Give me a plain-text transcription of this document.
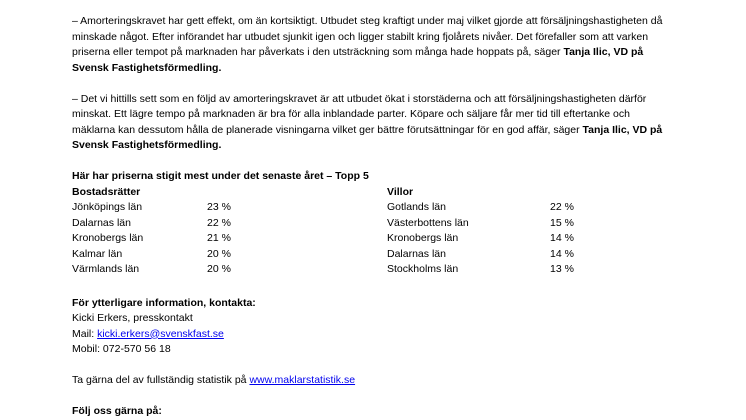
– Amorteringskravet har gett effekt, om än kortsiktigt. Utbudet steg kraftigt under maj vilket gjorde att försäljningshastigheten då minskade något. Efter införandet har utbudet sjunkit igen och ligger stabilt kring fjolårets nivåer. Det förefaller som att varken priserna eller tempot på marknaden har påverkats i den utsträckning som många hade hoppats på, säger Tanja Ilic, VD på Svensk Fastighetsförmedling.

– Det vi hittills sett som en följd av amorteringskravet är att utbudet ökat i storstäderna och att försäljningshastigheten därför minskat. Ett lägre tempo på marknaden är bra för alla inblandade parter. Köpare och säljare får mer tid till eftertanke och mäklarna kan dessutom hålla de planerade visningarna vilket ger bättre förutsättningar för en god affär, säger Tanja Ilic, VD på Svensk Fastighetsförmedling.

Här har priserna stigit mest under det senaste året – Topp 5

Bostadsrätter	Villor
Jönköpings län	23 %	Gotlands län	22 %
Dalarnas län	22 %	Västerbottens län	15 %
Kronobergs län	21 %	Kronobergs län	14 %
Kalmar län	20 %	Dalarnas län	14 %
Värmlands län	20 %	Stockholms län	13 %

För ytterligare information, kontakta:

Kicki Erkers, presskontakt

Mail: kicki.erkers@svenskfast.se

Mobil: 072-570 56 18

Ta gärna del av fullständig statistik på www.maklarstatistik.se

Följ oss gärna på:
